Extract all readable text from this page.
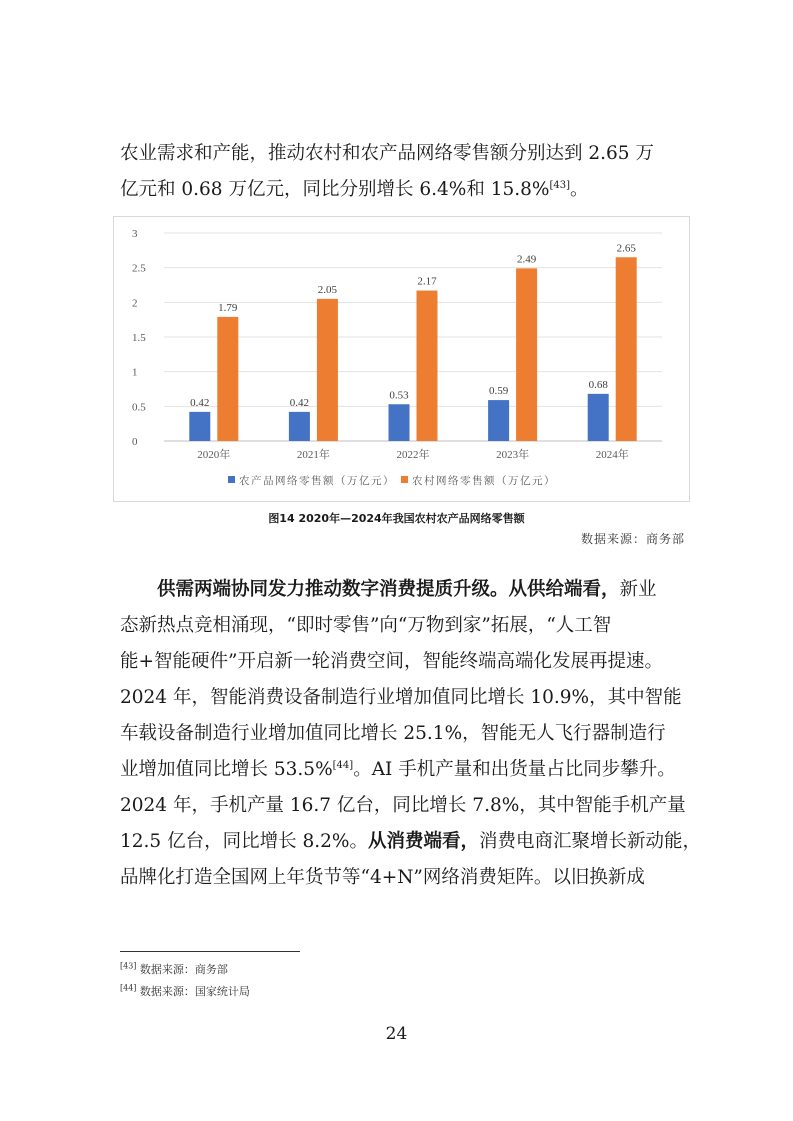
农业需求和产能，推动农村和农产品网络零售额分别达到 2.65 万
亿元和 0.68 万亿元，同比分别增长 6.4%和 15.8%[43]。
0
0.5
1
1.5
2
2.5
3
0.42
1.79
2020年
0.42
2.05
2021年
0.53
2.17
2022年
0.59
2.49
2023年
0.68
2.65
2024年
农产品网络零售额（万亿元） 农村网络零售额（万亿元）
图14 2020年—2024年我国农村农产品网络零售额
数据来源：商务部
供需两端协同发力推动数字消费提质升级。从供给端看，新业
态新热点竞相涌现，“即时零售”向“万物到家”拓展，“人工智
能+智能硬件”开启新一轮消费空间，智能终端高端化发展再提速。
2024 年，智能消费设备制造行业增加值同比增长 10.9%，其中智能
车载设备制造行业增加值同比增长 25.1%，智能无人飞行器制造行
业增加值同比增长 53.5%[44]。AI 手机产量和出货量占比同步攀升。
2024 年，手机产量 16.7 亿台，同比增长 7.8%，其中智能手机产量
12.5 亿台，同比增长 8.2%。从消费端看，消费电商汇聚增长新动能，
品牌化打造全国网上年货节等“4+N”网络消费矩阵。以旧换新成
[43] 数据来源：商务部
[44] 数据来源：国家统计局
24
